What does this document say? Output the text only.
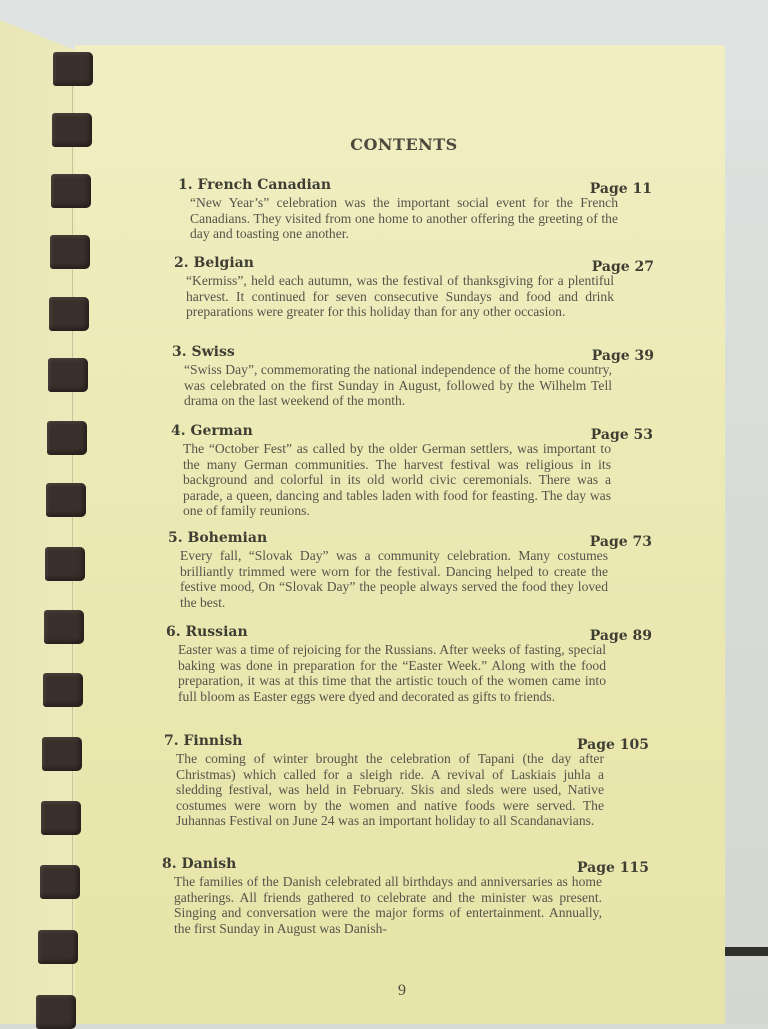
CONTENTS
1. French Canadian	Page 11
“New Year’s” celebration was the important social event for the French Canadians. They visited from one home to another offering the greeting of the day and toasting one another.
2. Belgian	Page 27
“Kermiss”, held each autumn, was the festival of thanksgiving for a plentiful harvest. It continued for seven consecutive Sundays and food and drink preparations were greater for this holiday than for any other occasion.
3. Swiss	Page 39
“Swiss Day”, commemorating the national independence of the home country, was celebrated on the first Sunday in August, followed by the Wilhelm Tell drama on the last weekend of the month.
4. German	Page 53
The “October Fest” as called by the older German settlers, was important to the many German communities. The harvest festival was religious in its background and colorful in its old world civic ceremonials. There was a parade, a queen, dancing and tables laden with food for feasting. The day was one of family reunions.
5. Bohemian	Page 73
Every fall, “Slovak Day” was a community celebration. Many costumes brilliantly trimmed were worn for the festival. Dancing helped to create the festive mood, On “Slovak Day” the people always served the food they loved the best.
6. Russian	Page 89
Easter was a time of rejoicing for the Russians. After weeks of fasting, special baking was done in preparation for the “Easter Week.” Along with the food preparation, it was at this time that the artistic touch of the women came into full bloom as Easter eggs were dyed and decorated as gifts to friends.
7. Finnish	Page 105
The coming of winter brought the celebration of Tapani (the day after Christmas) which called for a sleigh ride. A revival of Laskiais juhla a sledding festival, was held in February. Skis and sleds were used, Native costumes were worn by the women and native foods were served. The Juhannas Festival on June 24 was an important holiday to all Scandanavians.
8. Danish	Page 115
The families of the Danish celebrated all birthdays and anniversaries as home gatherings. All friends gathered to celebrate and the minister was present. Singing and conversation were the major forms of entertainment. Annually, the first Sunday in August was Danish-
9
